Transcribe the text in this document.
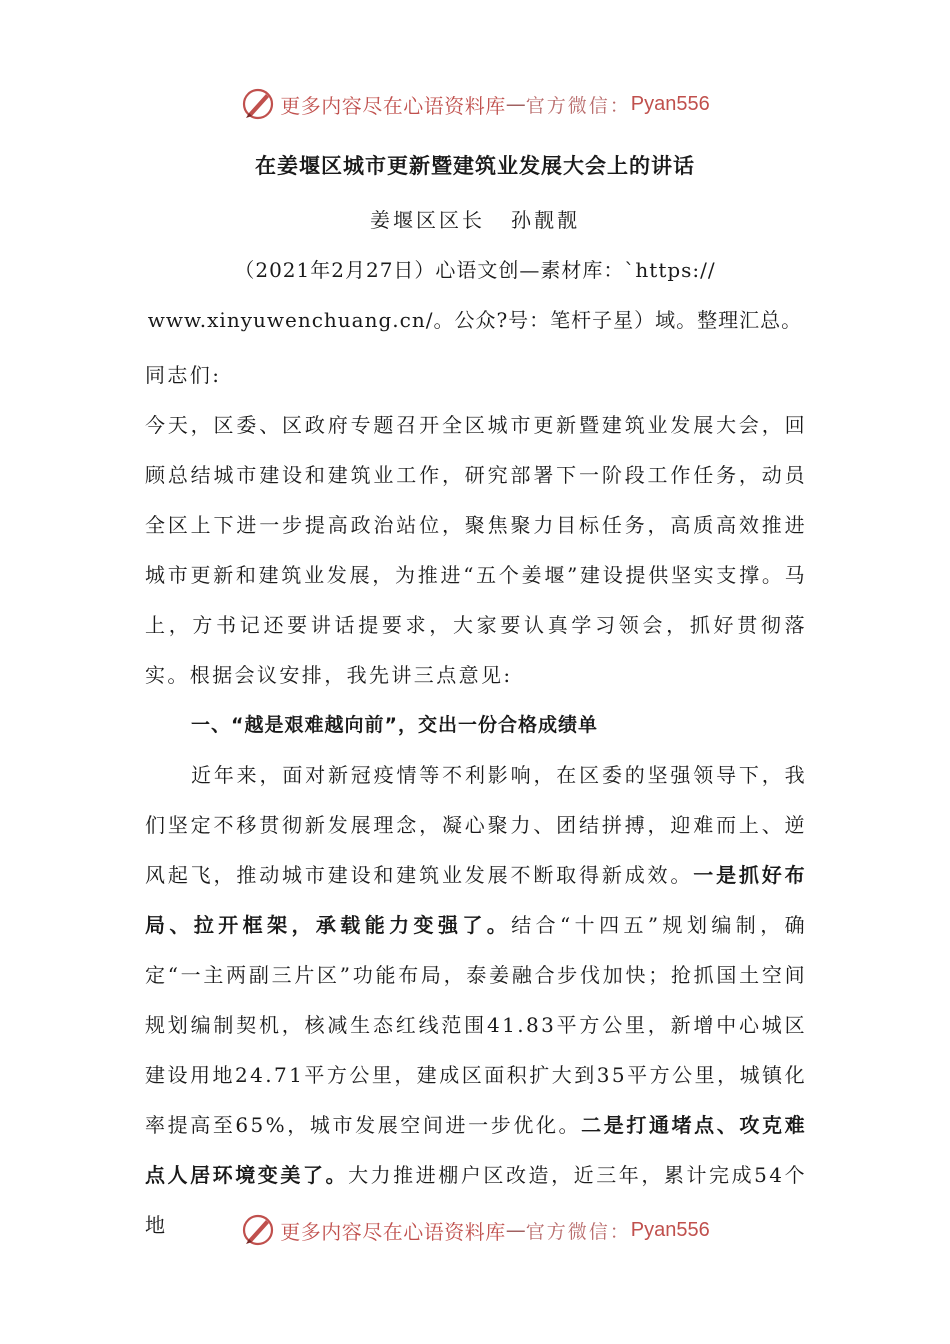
更多内容尽在心语资料库 — 官方微信： Pyan556
在姜堰区城市更新暨建筑业发展大会上的讲话
姜堰区区长 孙靓靓
（2021年2月27日）心语文创—素材库：`https://
www.xinyuwenchuang.cn/。公众?号：笔杆子星）域。整理汇总。

同志们:

今天，区委、区政府专题召开全区城市更新暨建筑业发展大会，回顾总结城市建设和建筑业工作，研究部署下一阶段工作任务，动员全区上下进一步提高政治站位，聚焦聚力目标任务，高质高效推进城市更新和建筑业发展，为推进“五个姜堰”建设提供坚实支撑。马上，方书记还要讲话提要求，大家要认真学习领会，抓好贯彻落实。根据会议安排，我先讲三点意见:

一、“越是艰难越向前”，交出一份合格成绩单

近年来，面对新冠疫情等不利影响，在区委的坚强领导下，我们坚定不移贯彻新发展理念，凝心聚力、团结拼搏，迎难而上、逆风起飞，推动城市建设和建筑业发展不断取得新成效。一是抓好布局、拉开框架，承载能力变强了。结合“十四五”规划编制，确定“一主两副三片区”功能布局，泰姜融合步伐加快；抢抓国土空间规划编制契机，核减生态红线范围41.83平方公里，新增中心城区建设用地24.71平方公里，建成区面积扩大到35平方公里，城镇化率提高至65%，城市发展空间进一步优化。二是打通堵点、攻克难点人居环境变美了。大力推进棚户区改造，近三年，累计完成54个地	更多内容尽在心语资料库 — 官方微信： Pyan556
